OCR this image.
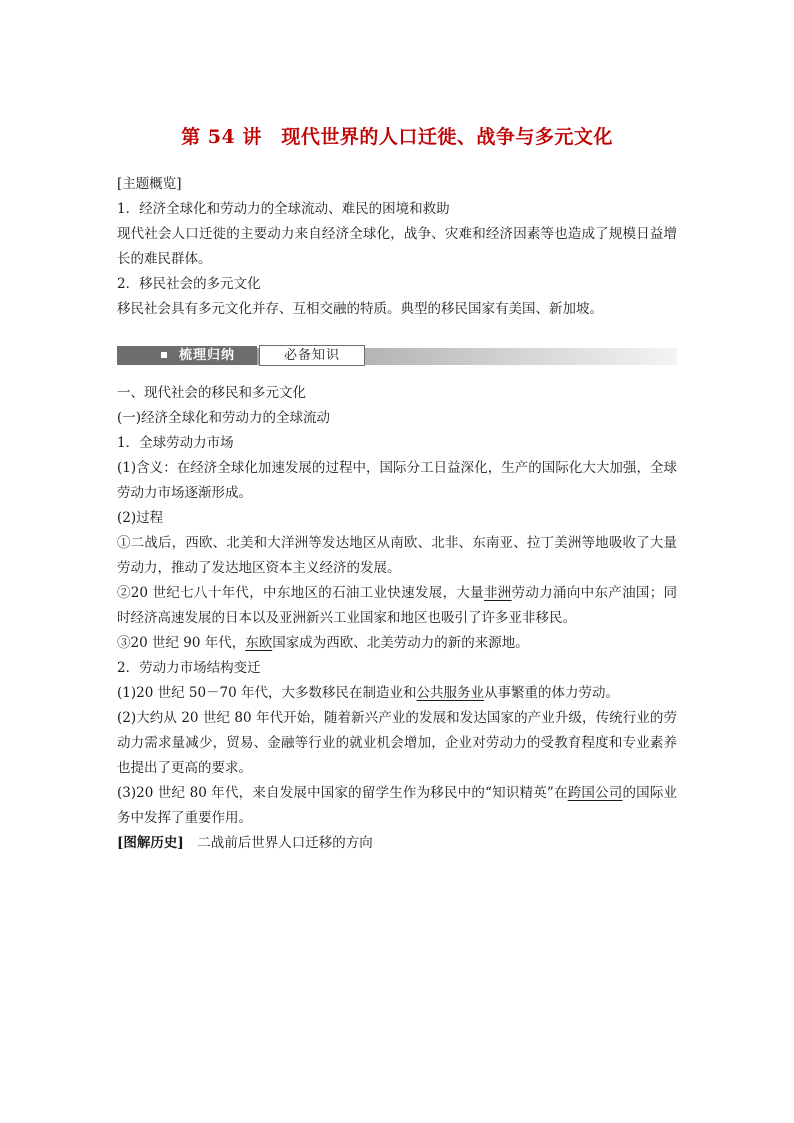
第 54 讲　现代世界的人口迁徙、战争与多元文化

[主题概览]

1．经济全球化和劳动力的全球流动、难民的困境和救助

现代社会人口迁徙的主要动力来自经济全球化，战争、灾难和经济因素等也造成了规模日益增长的难民群体。

2．移民社会的多元文化

移民社会具有多元文化并存、互相交融的特质。典型的移民国家有美国、新加坡。

梳理归纳	必备知识

一、现代社会的移民和多元文化

(一)经济全球化和劳动力的全球流动

1．全球劳动力市场

(1)含义：在经济全球化加速发展的过程中，国际分工日益深化，生产的国际化大大加强，全球劳动力市场逐渐形成。

(2)过程

①二战后，西欧、北美和大洋洲等发达地区从南欧、北非、东南亚、拉丁美洲等地吸收了大量劳动力，推动了发达地区资本主义经济的发展。

②20 世纪七八十年代，中东地区的石油工业快速发展，大量非洲劳动力涌向中东产油国；同时经济高速发展的日本以及亚洲新兴工业国家和地区也吸引了许多亚非移民。

③20 世纪 90 年代，东欧国家成为西欧、北美劳动力的新的来源地。

2．劳动力市场结构变迁

(1)20 世纪 50－70 年代，大多数移民在制造业和公共服务业从事繁重的体力劳动。

(2)大约从 20 世纪 80 年代开始，随着新兴产业的发展和发达国家的产业升级，传统行业的劳动力需求量减少，贸易、金融等行业的就业机会增加，企业对劳动力的受教育程度和专业素养也提出了更高的要求。

(3)20 世纪 80 年代，来自发展中国家的留学生作为移民中的“知识精英”在跨国公司的国际业务中发挥了重要作用。

[图解历史]　二战前后世界人口迁移的方向
